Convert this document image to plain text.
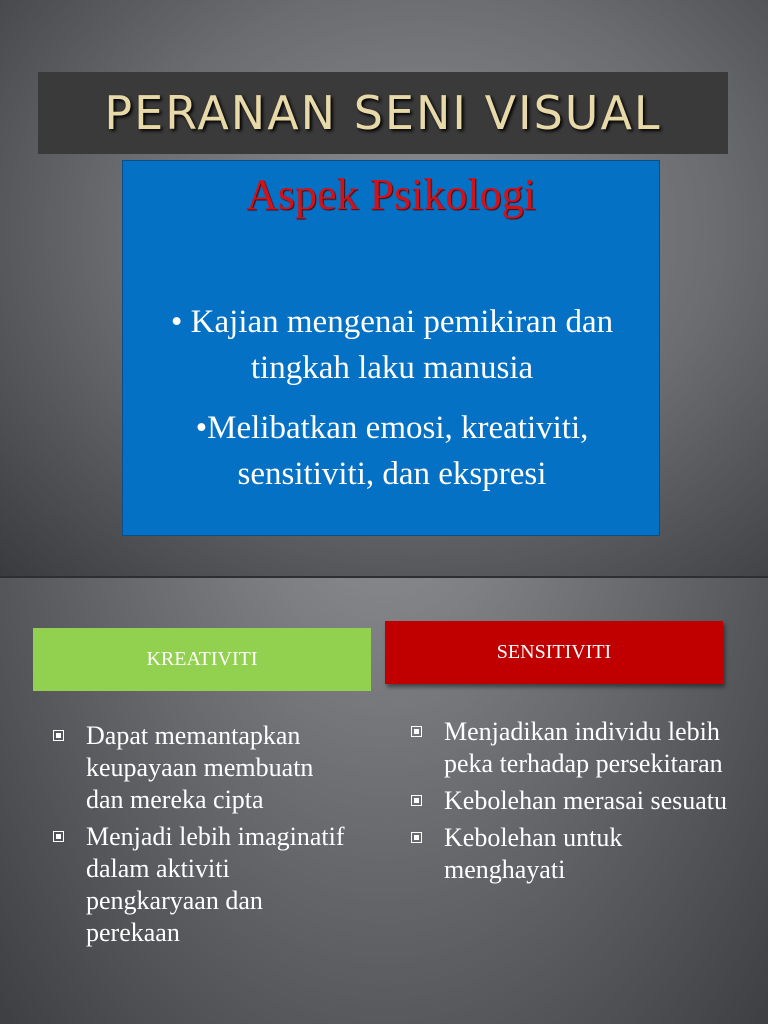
PERANAN SENI VISUAL
Aspek Psikologi
• Kajian mengenai pemikiran dan tingkah laku manusia
•Melibatkan emosi, kreativiti, sensitiviti, dan ekspresi
KREATIVITI	SENSITIVITI
Dapat memantapkan keupayaan membuatn dan mereka cipta
Menjadi lebih imaginatif dalam aktiviti pengkaryaan dan perekaan
Menjadikan individu lebih peka terhadap persekitaran
Kebolehan merasai sesuatu
Kebolehan untuk menghayati
